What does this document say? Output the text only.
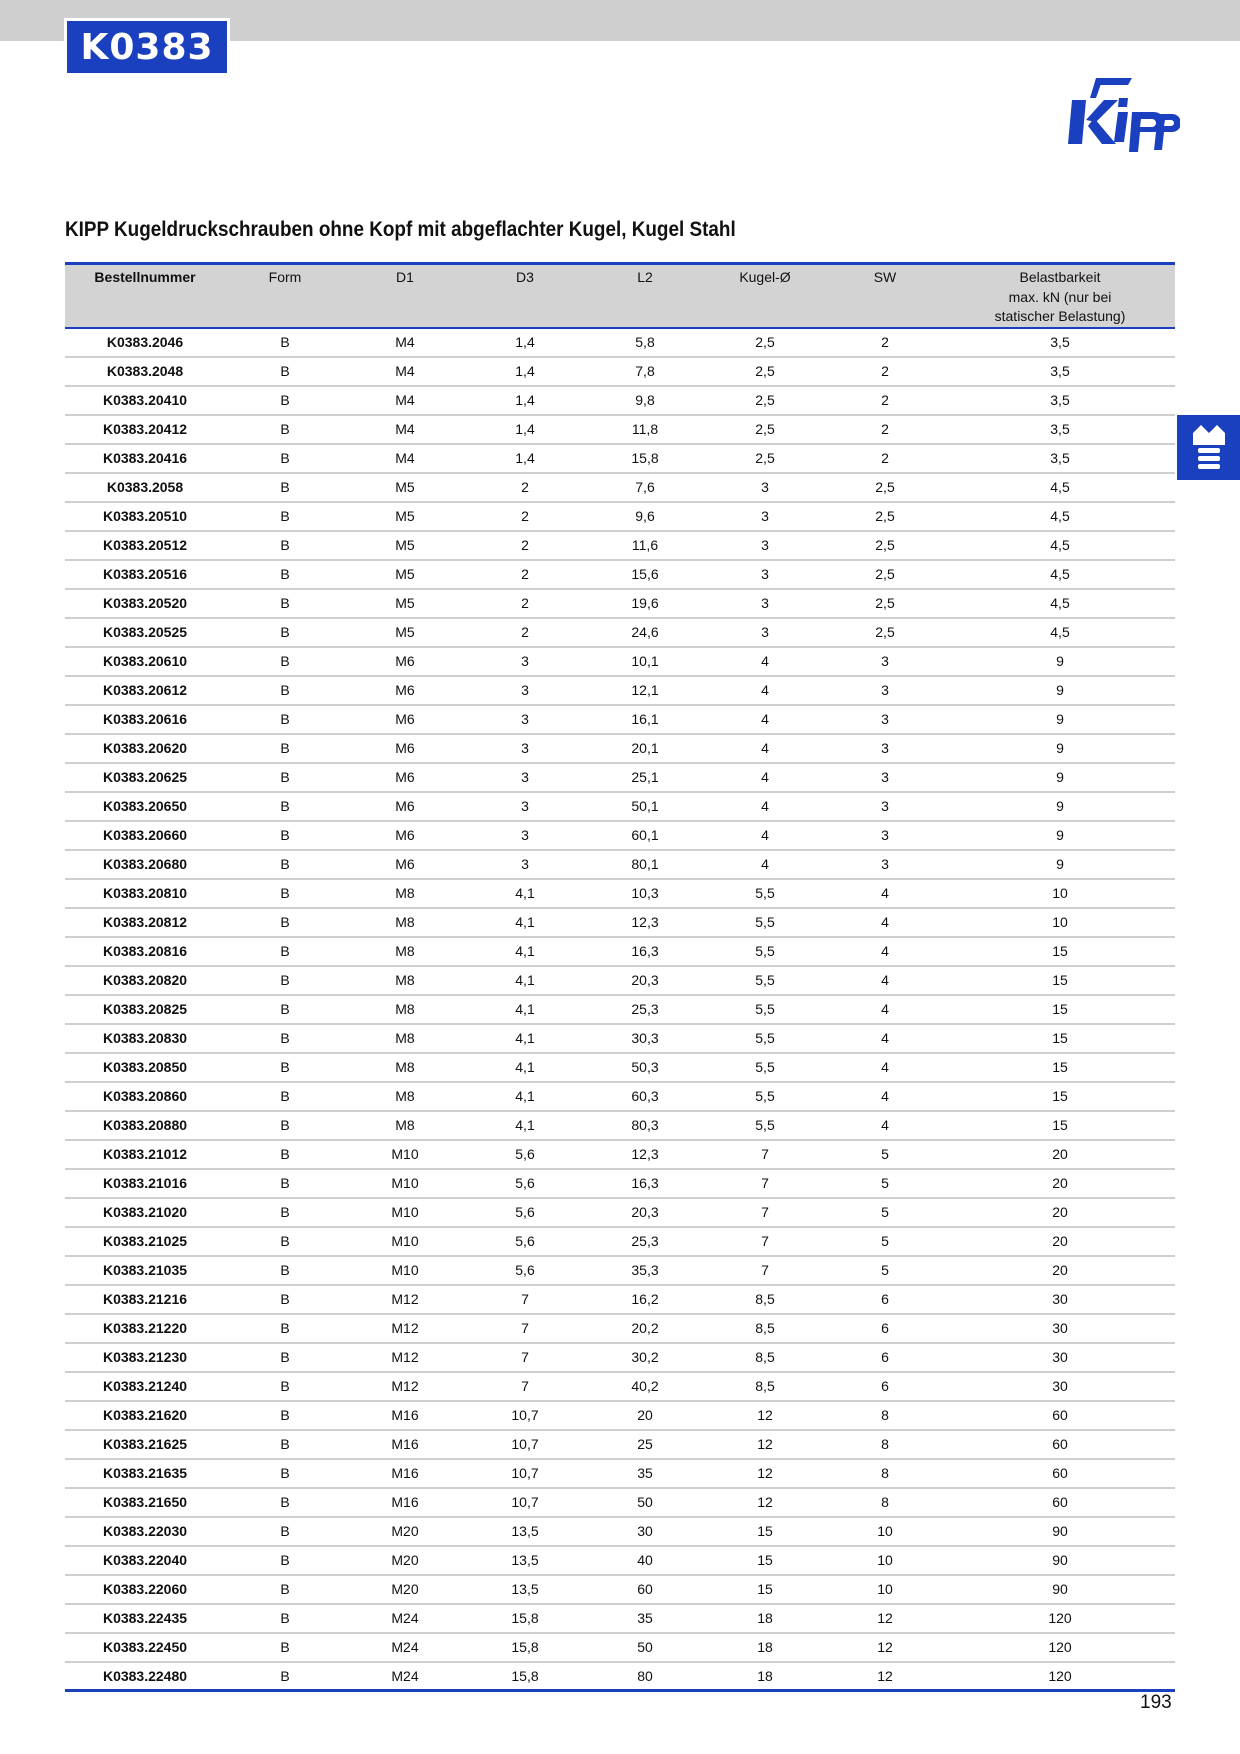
K0383
KIPP Kugeldruckschrauben ohne Kopf mit abgeflachter Kugel, Kugel Stahl
Bestellnummer	Form	D1	D3	L2	Kugel-Ø	SW	Belastbarkeit
max. kN (nur bei
statischer Belastung)
K0383.2046	B	M4	1,4	5,8	2,5	2	3,5
K0383.2048	B	M4	1,4	7,8	2,5	2	3,5
K0383.20410	B	M4	1,4	9,8	2,5	2	3,5
K0383.20412	B	M4	1,4	11,8	2,5	2	3,5
K0383.20416	B	M4	1,4	15,8	2,5	2	3,5
K0383.2058	B	M5	2	7,6	3	2,5	4,5
K0383.20510	B	M5	2	9,6	3	2,5	4,5
K0383.20512	B	M5	2	11,6	3	2,5	4,5
K0383.20516	B	M5	2	15,6	3	2,5	4,5
K0383.20520	B	M5	2	19,6	3	2,5	4,5
K0383.20525	B	M5	2	24,6	3	2,5	4,5
K0383.20610	B	M6	3	10,1	4	3	9
K0383.20612	B	M6	3	12,1	4	3	9
K0383.20616	B	M6	3	16,1	4	3	9
K0383.20620	B	M6	3	20,1	4	3	9
K0383.20625	B	M6	3	25,1	4	3	9
K0383.20650	B	M6	3	50,1	4	3	9
K0383.20660	B	M6	3	60,1	4	3	9
K0383.20680	B	M6	3	80,1	4	3	9
K0383.20810	B	M8	4,1	10,3	5,5	4	10
K0383.20812	B	M8	4,1	12,3	5,5	4	10
K0383.20816	B	M8	4,1	16,3	5,5	4	15
K0383.20820	B	M8	4,1	20,3	5,5	4	15
K0383.20825	B	M8	4,1	25,3	5,5	4	15
K0383.20830	B	M8	4,1	30,3	5,5	4	15
K0383.20850	B	M8	4,1	50,3	5,5	4	15
K0383.20860	B	M8	4,1	60,3	5,5	4	15
K0383.20880	B	M8	4,1	80,3	5,5	4	15
K0383.21012	B	M10	5,6	12,3	7	5	20
K0383.21016	B	M10	5,6	16,3	7	5	20
K0383.21020	B	M10	5,6	20,3	7	5	20
K0383.21025	B	M10	5,6	25,3	7	5	20
K0383.21035	B	M10	5,6	35,3	7	5	20
K0383.21216	B	M12	7	16,2	8,5	6	30
K0383.21220	B	M12	7	20,2	8,5	6	30
K0383.21230	B	M12	7	30,2	8,5	6	30
K0383.21240	B	M12	7	40,2	8,5	6	30
K0383.21620	B	M16	10,7	20	12	8	60
K0383.21625	B	M16	10,7	25	12	8	60
K0383.21635	B	M16	10,7	35	12	8	60
K0383.21650	B	M16	10,7	50	12	8	60
K0383.22030	B	M20	13,5	30	15	10	90
K0383.22040	B	M20	13,5	40	15	10	90
K0383.22060	B	M20	13,5	60	15	10	90
K0383.22435	B	M24	15,8	35	18	12	120
K0383.22450	B	M24	15,8	50	18	12	120
K0383.22480	B	M24	15,8	80	18	12	120
193
